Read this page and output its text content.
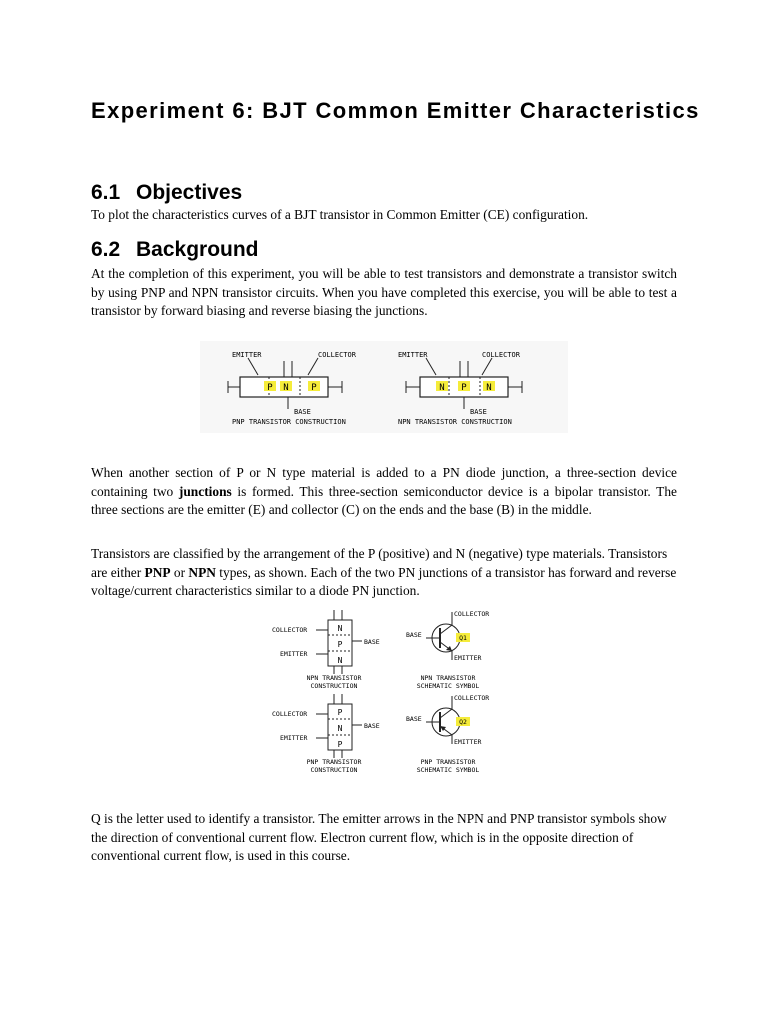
Experiment 6: BJT Common Emitter Characteristics
6.1 Objectives
To plot the characteristics curves of a BJT transistor in Common Emitter (CE) configuration.
6.2 Background
At the completion of this experiment, you will be able to test transistors and demonstrate a transistor switch by using PNP and NPN transistor circuits. When you have completed this exercise, you will be able to test a transistor by forward biasing and reverse biasing the junctions.
P N	P
EMITTER	COLLECTOR
BASE
PNP TRANSISTOR CONSTRUCTION
N P N
EMITTER	COLLECTOR
BASE
NPN TRANSISTOR CONSTRUCTION
When another section of P or N type material is added to a PN diode junction, a three-section device containing two junctions is formed. This three-section semiconductor device is a bipolar transistor. The three sections are the emitter (E) and collector (C) on the ends and the base (B) in the middle.
Transistors are classified by the arrangement of the P (positive) and N (negative) type materials. Transistors are either PNP or NPN types, as shown. Each of the two PN junctions of a transistor has forward and reverse voltage/current characteristics similar to a diode PN junction.
N
P
N
COLLECTOR
EMITTER
BASE
NPN TRANSISTOR
CONSTRUCTION
Q1
COLLECTOR
BASE
EMITTER
NPN TRANSISTOR
SCHEMATIC SYMBOL
P
N
P
COLLECTOR
EMITTER
BASE
PNP TRANSISTOR
CONSTRUCTION
Q2
COLLECTOR
BASE
EMITTER
PNP TRANSISTOR
SCHEMATIC SYMBOL
Q is the letter used to identify a transistor. The emitter arrows in the NPN and PNP transistor symbols show the direction of conventional current flow. Electron current flow, which is in the opposite direction of conventional current flow, is used in this course.
